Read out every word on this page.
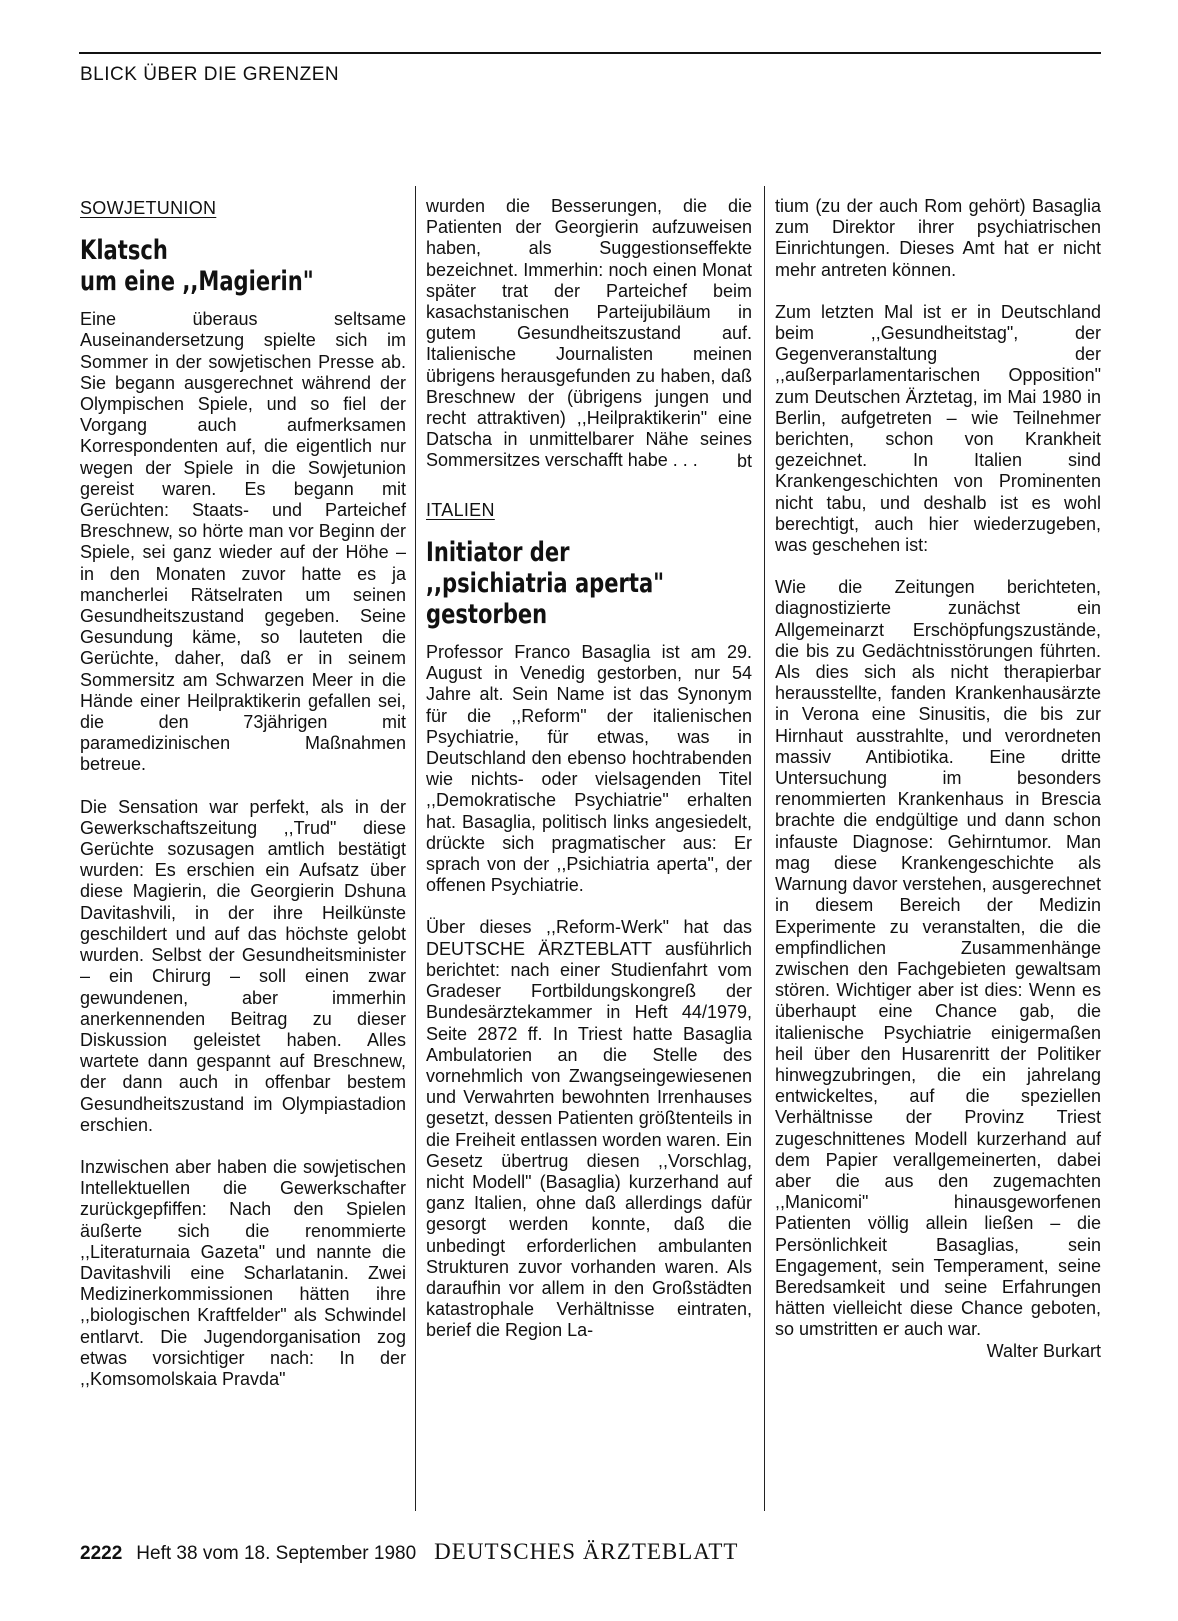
BLICK ÜBER DIE GRENZEN
SOWJETUNION
Klatsch
um eine ,,Magierin"

Eine überaus seltsame Auseinandersetzung spielte sich im Sommer in der sowjetischen Presse ab. Sie begann ausgerechnet während der Olympischen Spiele, und so fiel der Vorgang auch aufmerksamen Korrespondenten auf, die eigentlich nur wegen der Spiele in die Sowjetunion gereist waren. Es begann mit Gerüchten: Staats- und Parteichef Breschnew, so hörte man vor Beginn der Spiele, sei ganz wieder auf der Höhe – in den Monaten zuvor hatte es ja mancherlei Rätselraten um seinen Gesundheitszustand gegeben. Seine Gesundung käme, so lauteten die Gerüchte, daher, daß er in seinem Sommersitz am Schwarzen Meer in die Hände einer Heilpraktikerin gefallen sei, die den 73jährigen mit paramedizinischen Maßnahmen betreue.

Die Sensation war perfekt, als in der Gewerkschaftszeitung ,,Trud" diese Gerüchte sozusagen amtlich bestätigt wurden: Es erschien ein Aufsatz über diese Magierin, die Georgierin Dshuna Davitashvili, in der ihre Heilkünste geschildert und auf das höchste gelobt wurden. Selbst der Gesundheitsminister – ein Chirurg – soll einen zwar gewundenen, aber immerhin anerkennenden Beitrag zu dieser Diskussion geleistet haben. Alles wartete dann gespannt auf Breschnew, der dann auch in offenbar bestem Gesundheitszustand im Olympiastadion erschien.

Inzwischen aber haben die sowjetischen Intellektuellen die Gewerkschafter zurückgepfiffen: Nach den Spielen äußerte sich die renommierte ,,Literaturnaia Gazeta" und nannte die Davitashvili eine Scharlatanin. Zwei Medizinerkommissionen hätten ihre ,,biologischen Kraftfelder" als Schwindel entlarvt. Die Jugendorganisation zog etwas vorsichtiger nach: In der ,,Komsomolskaia Pravda"

wurden die Besserungen, die die Patienten der Georgierin aufzuweisen haben, als Suggestionseffekte bezeichnet. Immerhin: noch einen Monat später trat der Parteichef beim kasachstanischen Parteijubiläum in gutem Gesundheitszustand auf. Italienische Journalisten meinen übrigens herausgefunden zu haben, daß Breschnew der (übrigens jungen und recht attraktiven) ,,Heilpraktikerin" eine Datscha in unmittelbarer Nähe seines Sommersitzes verschafft habe . . .	bt
ITALIEN
Initiator der
,,psichiatria aperta"
gestorben

Professor Franco Basaglia ist am 29. August in Venedig gestorben, nur 54 Jahre alt. Sein Name ist das Synonym für die ,,Reform" der italienischen Psychiatrie, für etwas, was in Deutschland den ebenso hochtrabenden wie nichts- oder vielsagenden Titel ,,Demokratische Psychiatrie" erhalten hat. Basaglia, politisch links angesiedelt, drückte sich pragmatischer aus: Er sprach von der ,,Psichiatria aperta", der offenen Psychiatrie.

Über dieses ,,Reform-Werk" hat das DEUTSCHE ÄRZTEBLATT ausführlich berichtet: nach einer Studienfahrt vom Gradeser Fortbildungskongreß der Bundesärztekammer in Heft 44/1979, Seite 2872 ff. In Triest hatte Basaglia Ambulatorien an die Stelle des vornehmlich von Zwangseingewiesenen und Verwahrten bewohnten Irrenhauses gesetzt, dessen Patienten größtenteils in die Freiheit entlassen worden waren. Ein Gesetz übertrug diesen ,,Vorschlag, nicht Modell" (Basaglia) kurzerhand auf ganz Italien, ohne daß allerdings dafür gesorgt werden konnte, daß die unbedingt erforderlichen ambulanten Strukturen zuvor vorhanden waren. Als daraufhin vor allem in den Großstädten katastrophale Verhältnisse eintraten, berief die Region La-

tium (zu der auch Rom gehört) Basaglia zum Direktor ihrer psychiatrischen Einrichtungen. Dieses Amt hat er nicht mehr antreten können.

Zum letzten Mal ist er in Deutschland beim ,,Gesundheitstag", der Gegenveranstaltung der ,,außerparlamentarischen Opposition" zum Deutschen Ärztetag, im Mai 1980 in Berlin, aufgetreten – wie Teilnehmer berichten, schon von Krankheit gezeichnet. In Italien sind Krankengeschichten von Prominenten nicht tabu, und deshalb ist es wohl berechtigt, auch hier wiederzugeben, was geschehen ist:

Wie die Zeitungen berichteten, diagnostizierte zunächst ein Allgemeinarzt Erschöpfungszustände, die bis zu Gedächtnisstörungen führten. Als dies sich als nicht therapierbar herausstellte, fanden Krankenhausärzte in Verona eine Sinusitis, die bis zur Hirnhaut ausstrahlte, und verordneten massiv Antibiotika. Eine dritte Untersuchung im besonders renommierten Krankenhaus in Brescia brachte die endgültige und dann schon infauste Diagnose: Gehirntumor. Man mag diese Krankengeschichte als Warnung davor verstehen, ausgerechnet in diesem Bereich der Medizin Experimente zu veranstalten, die die empfindlichen Zusammenhänge zwischen den Fachgebieten gewaltsam stören. Wichtiger aber ist dies: Wenn es überhaupt eine Chance gab, die italienische Psychiatrie einigermaßen heil über den Husarenritt der Politiker hinwegzubringen, die ein jahrelang entwickeltes, auf die speziellen Verhältnisse der Provinz Triest zugeschnittenes Modell kurzerhand auf dem Papier verallgemeinerten, dabei aber die aus den zugemachten ,,Manicomi" hinausgeworfenen Patienten völlig allein ließen – die Persönlichkeit Basaglias, sein Engagement, sein Temperament, seine Beredsamkeit und seine Erfahrungen hätten vielleicht diese Chance geboten, so umstritten er auch war.

Walter Burkart
2222 Heft 38 vom 18. September 1980 DEUTSCHES ÄRZTEBLATT
